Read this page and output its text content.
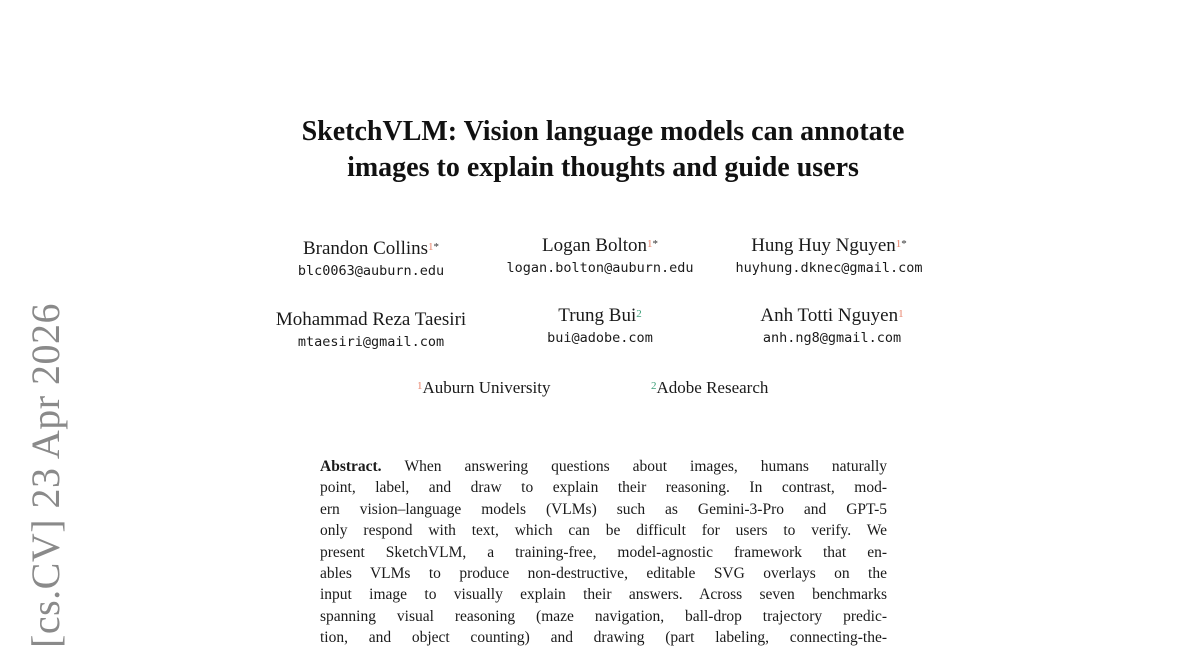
[cs.CV] 23 Apr 2026
SketchVLM: Vision language models can annotate
images to explain thoughts and guide users
Brandon Collins$^{1*}$
blc0063@auburn.edu
Logan Bolton$^{1*}$
logan.bolton@auburn.edu
Hung Huy Nguyen$^{1*}$
huyhung.dknec@gmail.com
Mohammad Reza Taesiri
mtaesiri@gmail.com
Trung Bui$^2$
bui@adobe.com
Anh Totti Nguyen$^1$
anh.ng8@gmail.com
$^1$Auburn University	$^2$Adobe Research
Abstract. When answering questions about images, humans naturally
point, label, and draw to explain their reasoning. In contrast, mod-
ern vision–language models (VLMs) such as Gemini-3-Pro and GPT-5
only respond with text, which can be difficult for users to verify. We
present SketchVLM, a training-free, model-agnostic framework that en-
ables VLMs to produce non-destructive, editable SVG overlays on the
input image to visually explain their answers. Across seven benchmarks
spanning visual reasoning (maze navigation, ball-drop trajectory predic-
tion, and object counting) and drawing (part labeling, connecting-the-
